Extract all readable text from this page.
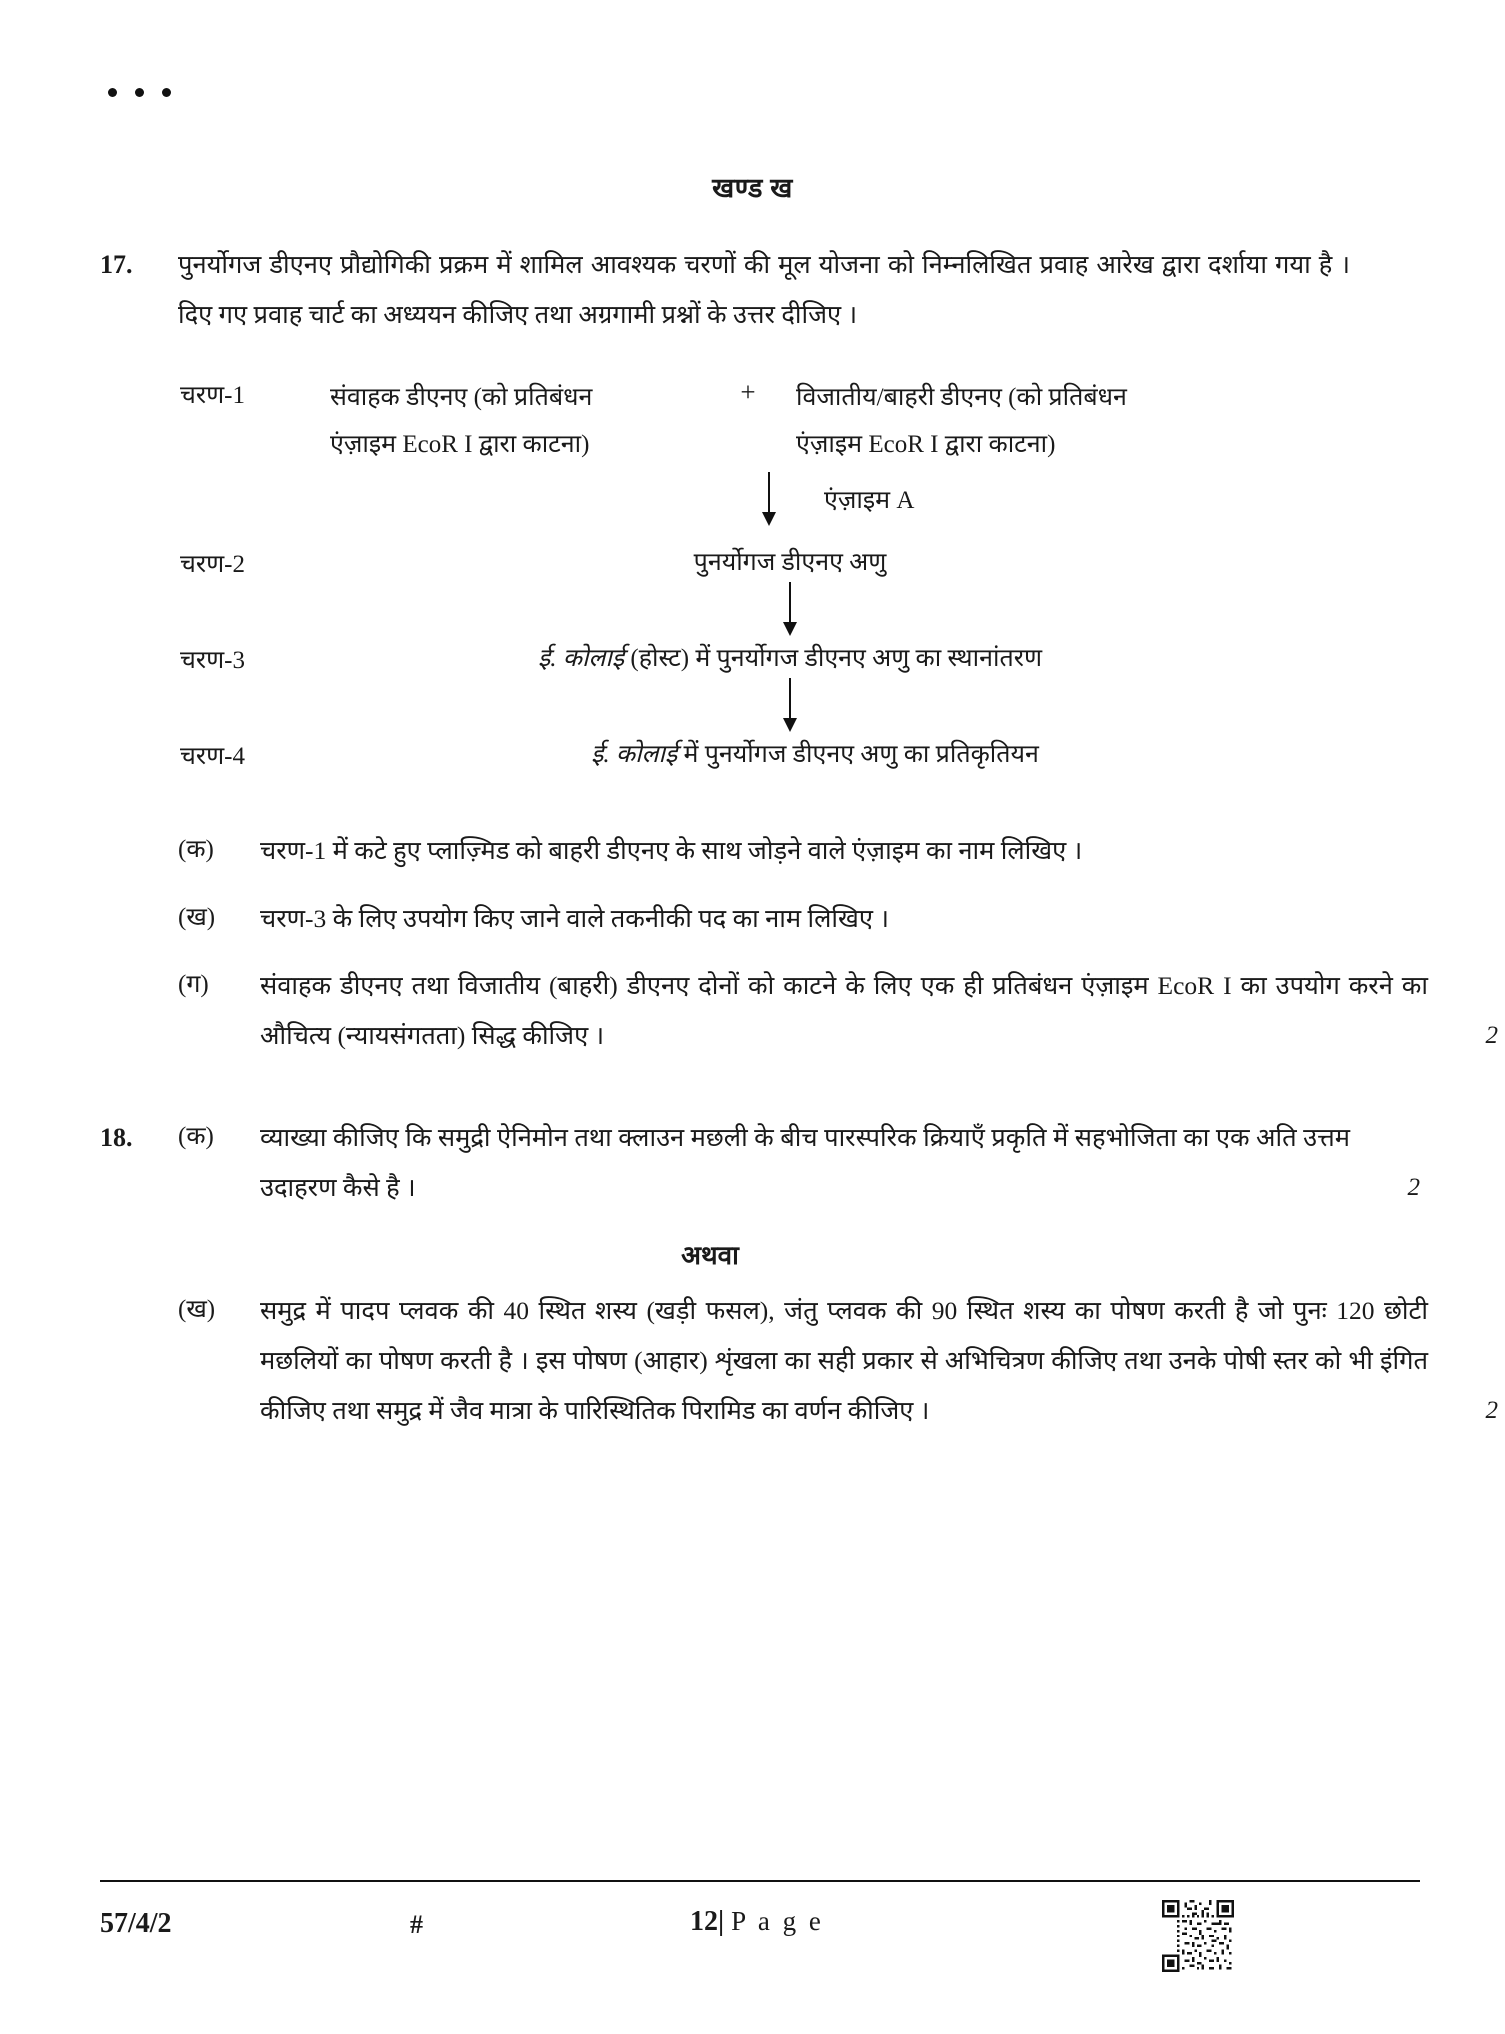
खण्ड ख
17.	पुनर्योगज डीएनए प्रौद्योगिकी प्रक्रम में शामिल आवश्यक चरणों की मूल योजना को निम्नलिखित प्रवाह आरेख द्वारा दर्शाया गया है । दिए गए प्रवाह चार्ट का अध्ययन कीजिए तथा अग्रगामी प्रश्नों के उत्तर दीजिए ।
चरण-1	संवाहक डीएनए (को प्रतिबंधन
एंज़ाइम EcoR I द्वारा काटना)
+	विजातीय/बाहरी डीएनए (को प्रतिबंधन
एंज़ाइम EcoR I द्वारा काटना)
एंज़ाइम A
चरण-2	पुनर्योगज डीएनए अणु
चरण-3	ई. कोलाई (होस्ट) में पुनर्योगज डीएनए अणु का स्थानांतरण
चरण-4	ई. कोलाई में पुनर्योगज डीएनए अणु का प्रतिकृतियन
(क)	चरण-1 में कटे हुए प्लाज़्मिड को बाहरी डीएनए के साथ जोड़ने वाले एंज़ाइम का नाम लिखिए ।
(ख)	चरण-3 के लिए उपयोग किए जाने वाले तकनीकी पद का नाम लिखिए ।
(ग)	संवाहक डीएनए तथा विजातीय (बाहरी) डीएनए दोनों को काटने के लिए एक ही प्रतिबंधन एंज़ाइम EcoR I का उपयोग करने का औचित्य (न्यायसंगतता) सिद्ध कीजिए ।	2
18.	(क)	व्याख्या कीजिए कि समुद्री ऐनिमोन तथा क्लाउन मछली के बीच पारस्परिक क्रियाएँ प्रकृति में सहभोजिता का एक अति उत्तम उदाहरण कैसे है ।	2
अथवा
(ख)	समुद्र में पादप प्लवक की 40 स्थित शस्य (खड़ी फसल), जंतु प्लवक की 90 स्थित शस्य का पोषण करती है जो पुनः 120 छोटी मछलियों का पोषण करती है । इस पोषण (आहार) शृंखला का सही प्रकार से अभिचित्रण कीजिए तथा उनके पोषी स्तर को भी इंगित कीजिए तथा समुद्र में जैव मात्रा के पारिस्थितिक पिरामिड का वर्णन कीजिए ।	2
57/4/2	#	12| P a g e
